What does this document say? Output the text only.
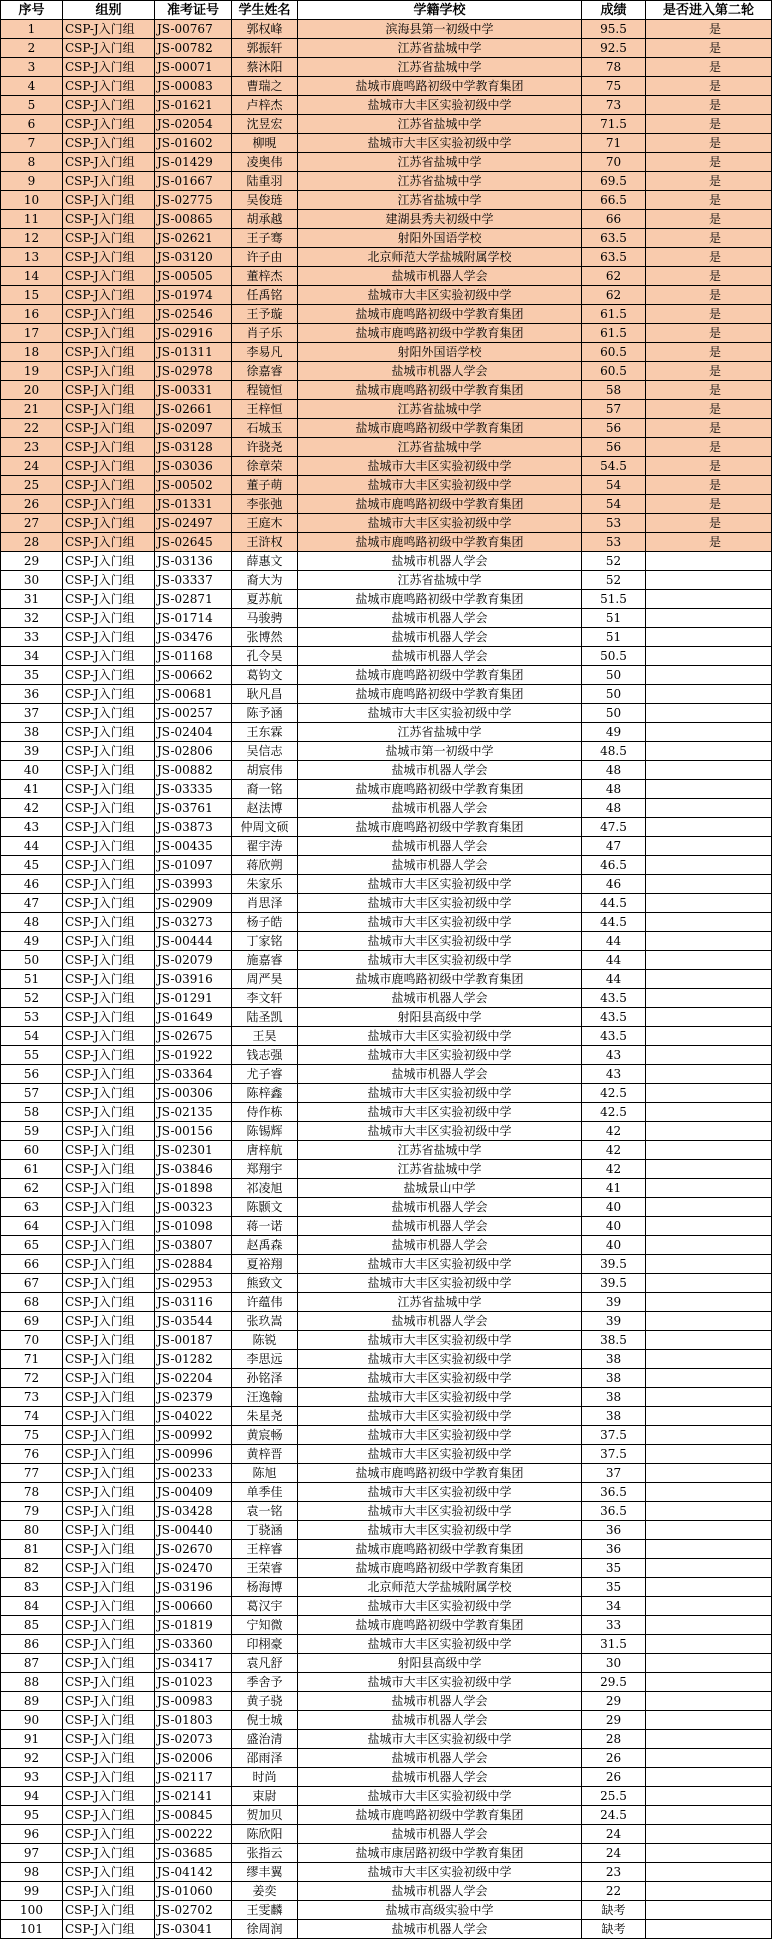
序号	组别	准考证号	学生姓名	学籍学校	成绩	是否进入第二轮
1	CSP-J入门组	JS-00767	郭权峰	滨海县第一初级中学	95.5	是
2	CSP-J入门组	JS-00782	郭振轩	江苏省盐城中学	92.5	是
3	CSP-J入门组	JS-00071	蔡沐阳	江苏省盐城中学	78	是
4	CSP-J入门组	JS-00083	曹瑞之	盐城市鹿鸣路初级中学教育集团	75	是
5	CSP-J入门组	JS-01621	卢梓杰	盐城市大丰区实验初级中学	73	是
6	CSP-J入门组	JS-02054	沈昱宏	江苏省盐城中学	71.5	是
7	CSP-J入门组	JS-01602	柳晛	盐城市大丰区实验初级中学	71	是
8	CSP-J入门组	JS-01429	凌奥伟	江苏省盐城中学	70	是
9	CSP-J入门组	JS-01667	陆重羽	江苏省盐城中学	69.5	是
10	CSP-J入门组	JS-02775	吴俊琏	江苏省盐城中学	66.5	是
11	CSP-J入门组	JS-00865	胡承越	建湖县秀夫初级中学	66	是
12	CSP-J入门组	JS-02621	王子骞	射阳外国语学校	63.5	是
13	CSP-J入门组	JS-03120	许子由	北京师范大学盐城附属学校	63.5	是
14	CSP-J入门组	JS-00505	董梓杰	盐城市机器人学会	62	是
15	CSP-J入门组	JS-01974	任禹铭	盐城市大丰区实验初级中学	62	是
16	CSP-J入门组	JS-02546	王予璇	盐城市鹿鸣路初级中学教育集团	61.5	是
17	CSP-J入门组	JS-02916	肖子乐	盐城市鹿鸣路初级中学教育集团	61.5	是
18	CSP-J入门组	JS-01311	李易凡	射阳外国语学校	60.5	是
19	CSP-J入门组	JS-02978	徐嘉睿	盐城市机器人学会	60.5	是
20	CSP-J入门组	JS-00331	程镜恒	盐城市鹿鸣路初级中学教育集团	58	是
21	CSP-J入门组	JS-02661	王梓恒	江苏省盐城中学	57	是
22	CSP-J入门组	JS-02097	石城玉	盐城市鹿鸣路初级中学教育集团	56	是
23	CSP-J入门组	JS-03128	许骁尧	江苏省盐城中学	56	是
24	CSP-J入门组	JS-03036	徐章荣	盐城市大丰区实验初级中学	54.5	是
25	CSP-J入门组	JS-00502	董子萌	盐城市大丰区实验初级中学	54	是
26	CSP-J入门组	JS-01331	李张弛	盐城市鹿鸣路初级中学教育集团	54	是
27	CSP-J入门组	JS-02497	王庭木	盐城市大丰区实验初级中学	53	是
28	CSP-J入门组	JS-02645	王浒权	盐城市鹿鸣路初级中学教育集团	53	是
29	CSP-J入门组	JS-03136	薛惠文	盐城市机器人学会	52	
30	CSP-J入门组	JS-03337	裔大为	江苏省盐城中学	52	
31	CSP-J入门组	JS-02871	夏苏航	盐城市鹿鸣路初级中学教育集团	51.5	
32	CSP-J入门组	JS-01714	马骏骋	盐城市机器人学会	51	
33	CSP-J入门组	JS-03476	张博然	盐城市机器人学会	51	
34	CSP-J入门组	JS-01168	孔令昊	盐城市机器人学会	50.5	
35	CSP-J入门组	JS-00662	葛钧文	盐城市鹿鸣路初级中学教育集团	50	
36	CSP-J入门组	JS-00681	耿凡昌	盐城市鹿鸣路初级中学教育集团	50	
37	CSP-J入门组	JS-00257	陈予涵	盐城市大丰区实验初级中学	50	
38	CSP-J入门组	JS-02404	王东霖	江苏省盐城中学	49	
39	CSP-J入门组	JS-02806	吴信志	盐城市第一初级中学	48.5	
40	CSP-J入门组	JS-00882	胡宸伟	盐城市机器人学会	48	
41	CSP-J入门组	JS-03335	裔一铭	盐城市鹿鸣路初级中学教育集团	48	
42	CSP-J入门组	JS-03761	赵法博	盐城市机器人学会	48	
43	CSP-J入门组	JS-03873	仲周文硕	盐城市鹿鸣路初级中学教育集团	47.5	
44	CSP-J入门组	JS-00435	翟宇涛	盐城市机器人学会	47	
45	CSP-J入门组	JS-01097	蒋欣朔	盐城市机器人学会	46.5	
46	CSP-J入门组	JS-03993	朱家乐	盐城市大丰区实验初级中学	46	
47	CSP-J入门组	JS-02909	肖思泽	盐城市大丰区实验初级中学	44.5	
48	CSP-J入门组	JS-03273	杨子皓	盐城市大丰区实验初级中学	44.5	
49	CSP-J入门组	JS-00444	丁家铭	盐城市大丰区实验初级中学	44	
50	CSP-J入门组	JS-02079	施嘉睿	盐城市大丰区实验初级中学	44	
51	CSP-J入门组	JS-03916	周严昊	盐城市鹿鸣路初级中学教育集团	44	
52	CSP-J入门组	JS-01291	李文轩	盐城市机器人学会	43.5	
53	CSP-J入门组	JS-01649	陆圣凯	射阳县高级中学	43.5	
54	CSP-J入门组	JS-02675	王昊	盐城市大丰区实验初级中学	43.5	
55	CSP-J入门组	JS-01922	钱志强	盐城市大丰区实验初级中学	43	
56	CSP-J入门组	JS-03364	尤子睿	盐城市机器人学会	43	
57	CSP-J入门组	JS-00306	陈梓鑫	盐城市大丰区实验初级中学	42.5	
58	CSP-J入门组	JS-02135	侍作栋	盐城市大丰区实验初级中学	42.5	
59	CSP-J入门组	JS-00156	陈锡辉	盐城市大丰区实验初级中学	42	
60	CSP-J入门组	JS-02301	唐梓航	江苏省盐城中学	42	
61	CSP-J入门组	JS-03846	郑翔宇	江苏省盐城中学	42	
62	CSP-J入门组	JS-01898	祁凌旭	盐城景山中学	41	
63	CSP-J入门组	JS-00323	陈颢文	盐城市机器人学会	40	
64	CSP-J入门组	JS-01098	蒋一诺	盐城市机器人学会	40	
65	CSP-J入门组	JS-03807	赵禹森	盐城市机器人学会	40	
66	CSP-J入门组	JS-02884	夏裕翔	盐城市大丰区实验初级中学	39.5	
67	CSP-J入门组	JS-02953	熊致文	盐城市大丰区实验初级中学	39.5	
68	CSP-J入门组	JS-03116	许蕴伟	江苏省盐城中学	39	
69	CSP-J入门组	JS-03544	张玖嵩	盐城市机器人学会	39	
70	CSP-J入门组	JS-00187	陈锐	盐城市大丰区实验初级中学	38.5	
71	CSP-J入门组	JS-01282	李思远	盐城市大丰区实验初级中学	38	
72	CSP-J入门组	JS-02204	孙铭泽	盐城市大丰区实验初级中学	38	
73	CSP-J入门组	JS-02379	汪逸翰	盐城市大丰区实验初级中学	38	
74	CSP-J入门组	JS-04022	朱星尧	盐城市大丰区实验初级中学	38	
75	CSP-J入门组	JS-00992	黄宸畅	盐城市大丰区实验初级中学	37.5	
76	CSP-J入门组	JS-00996	黄梓晋	盐城市大丰区实验初级中学	37.5	
77	CSP-J入门组	JS-00233	陈旭	盐城市鹿鸣路初级中学教育集团	37	
78	CSP-J入门组	JS-00409	单季佳	盐城市大丰区实验初级中学	36.5	
79	CSP-J入门组	JS-03428	袁一铭	盐城市大丰区实验初级中学	36.5	
80	CSP-J入门组	JS-00440	丁骁涵	盐城市大丰区实验初级中学	36	
81	CSP-J入门组	JS-02670	王梓睿	盐城市鹿鸣路初级中学教育集团	36	
82	CSP-J入门组	JS-02470	王荣睿	盐城市鹿鸣路初级中学教育集团	35	
83	CSP-J入门组	JS-03196	杨海博	北京师范大学盐城附属学校	35	
84	CSP-J入门组	JS-00660	葛汉宇	盐城市大丰区实验初级中学	34	
85	CSP-J入门组	JS-01819	宁知微	盐城市鹿鸣路初级中学教育集团	33	
86	CSP-J入门组	JS-03360	印栩豪	盐城市大丰区实验初级中学	31.5	
87	CSP-J入门组	JS-03417	袁凡舒	射阳县高级中学	30	
88	CSP-J入门组	JS-01023	季舍予	盐城市大丰区实验初级中学	29.5	
89	CSP-J入门组	JS-00983	黄子骁	盐城市机器人学会	29	
90	CSP-J入门组	JS-01803	倪士城	盐城市机器人学会	29	
91	CSP-J入门组	JS-02073	盛治清	盐城市大丰区实验初级中学	28	
92	CSP-J入门组	JS-02006	邵雨泽	盐城市机器人学会	26	
93	CSP-J入门组	JS-02117	时尚	盐城市机器人学会	26	
94	CSP-J入门组	JS-02141	束尉	盐城市大丰区实验初级中学	25.5	
95	CSP-J入门组	JS-00845	贺加贝	盐城市鹿鸣路初级中学教育集团	24.5	
96	CSP-J入门组	JS-00222	陈欣阳	盐城市机器人学会	24	
97	CSP-J入门组	JS-03685	张指云	盐城市康居路初级中学教育集团	24	
98	CSP-J入门组	JS-04142	缪丰翼	盐城市大丰区实验初级中学	23	
99	CSP-J入门组	JS-01060	姜奕	盐城市机器人学会	22	
100	CSP-J入门组	JS-02702	王雯麟	盐城市高级实验中学	缺考	
101	CSP-J入门组	JS-03041	徐周润	盐城市机器人学会	缺考	
